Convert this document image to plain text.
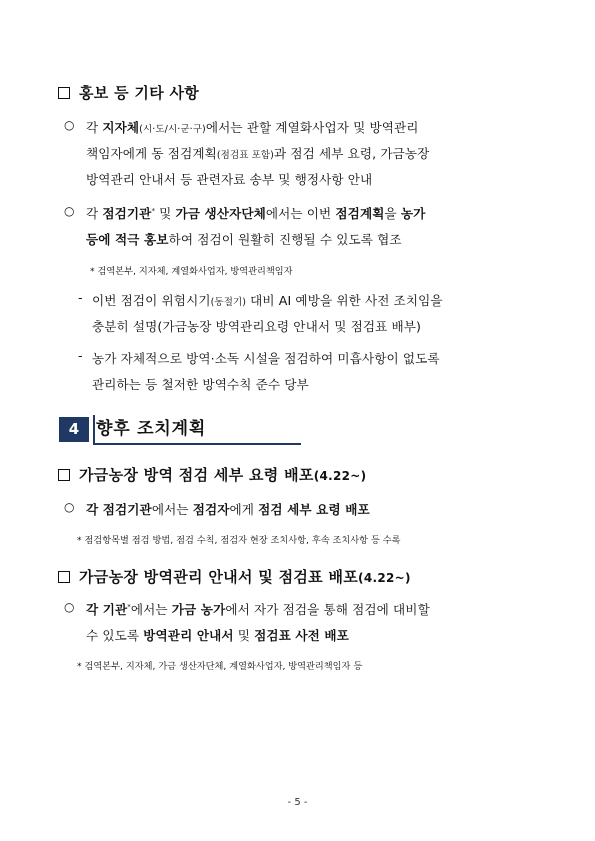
홍보 등 기타 사항
○ 각 지자체(시·도/시·군·구)에서는 관할 계열화사업자 및 방역관리
책임자에게 동 점검계획(점검표 포함)과 점검 세부 요령, 가금농장
방역관리 안내서 등 관련자료 송부 및 행정사항 안내
○ 각 점검기관* 및 가금 생산자단체에서는 이번 점검계획을 농가
등에 적극 홍보하여 점검이 원활히 진행될 수 있도록 협조
* 검역본부, 지자체, 계열화사업자, 방역관리책임자
- 이번 점검이 위험시기(동절기) 대비 AI 예방을 위한 사전 조치임을
충분히 설명(가금농장 방역관리요령 안내서 및 점검표 배부)
- 농가 자체적으로 방역·소독 시설을 점검하여 미흡사항이 없도록
관리하는 등 철저한 방역수칙 준수 당부
4 향후 조치계획
가금농장 방역 점검 세부 요령 배포(4.22~)
○ 각 점검기관에서는 점검자에게 점검 세부 요령 배포
* 점검항목별 점검 방법, 점검 수칙, 점검자 현장 조치사항, 후속 조치사항 등 수록
가금농장 방역관리 안내서 및 점검표 배포(4.22~)
○ 각 기관*에서는 가금 농가에서 자가 점검을 통해 점검에 대비할
수 있도록 방역관리 안내서 및 점검표 사전 배포
* 검역본부, 지자체, 가금 생산자단체, 계열화사업자, 방역관리책임자 등
- 5 -
